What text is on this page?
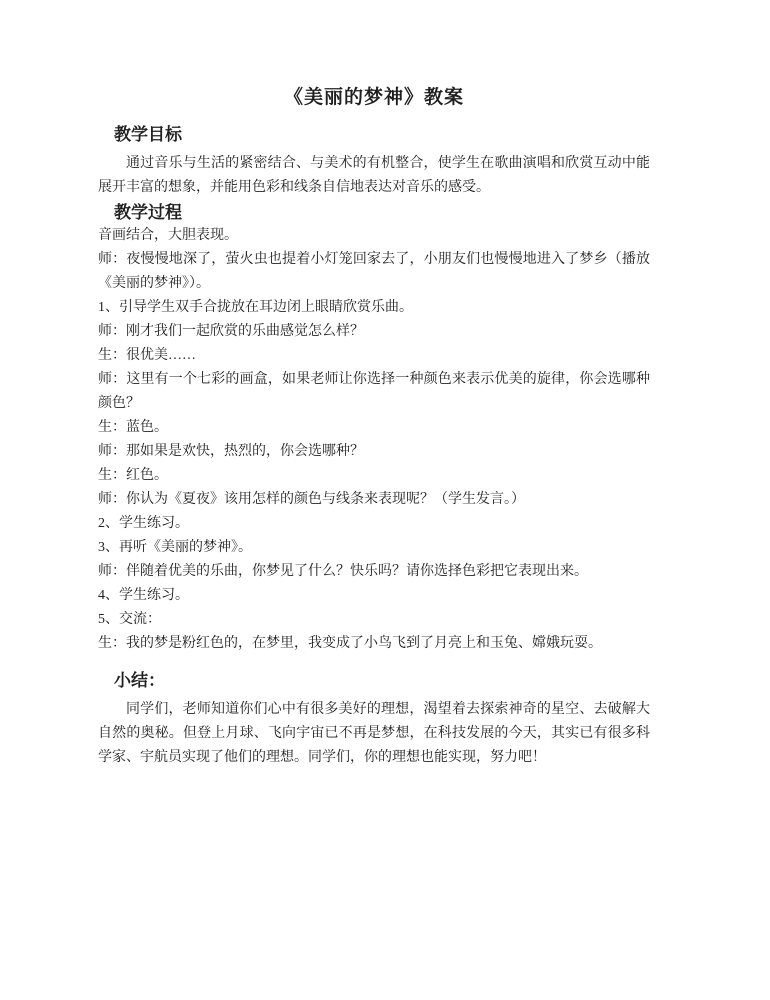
《美丽的梦神》教案
教学目标

通过音乐与生活的紧密结合、与美术的有机整合，使学生在歌曲演唱和欣赏互动中能展开丰富的想象，并能用色彩和线条自信地表达对音乐的感受。

教学过程

音画结合，大胆表现。

师：夜慢慢地深了，萤火虫也提着小灯笼回家去了，小朋友们也慢慢地进入了梦乡（播放《美丽的梦神》）。

1、引导学生双手合拢放在耳边闭上眼睛欣赏乐曲。

师：刚才我们一起欣赏的乐曲感觉怎么样？

生：很优美……

师：这里有一个七彩的画盒，如果老师让你选择一种颜色来表示优美的旋律，你会选哪种颜色？

生：蓝色。

师：那如果是欢快，热烈的，你会选哪种？

生：红色。

师：你认为《夏夜》该用怎样的颜色与线条来表现呢？（学生发言。）

2、学生练习。

3、再听《美丽的梦神》。

师：伴随着优美的乐曲，你梦见了什么？快乐吗？请你选择色彩把它表现出来。

4、学生练习。

5、交流：

生：我的梦是粉红色的，在梦里，我变成了小鸟飞到了月亮上和玉兔、嫦娥玩耍。

小结：

同学们，老师知道你们心中有很多美好的理想，渴望着去探索神奇的星空、去破解大自然的奥秘。但登上月球、飞向宇宙已不再是梦想，在科技发展的今天，其实已有很多科学家、宇航员实现了他们的理想。同学们，你的理想也能实现，努力吧！
